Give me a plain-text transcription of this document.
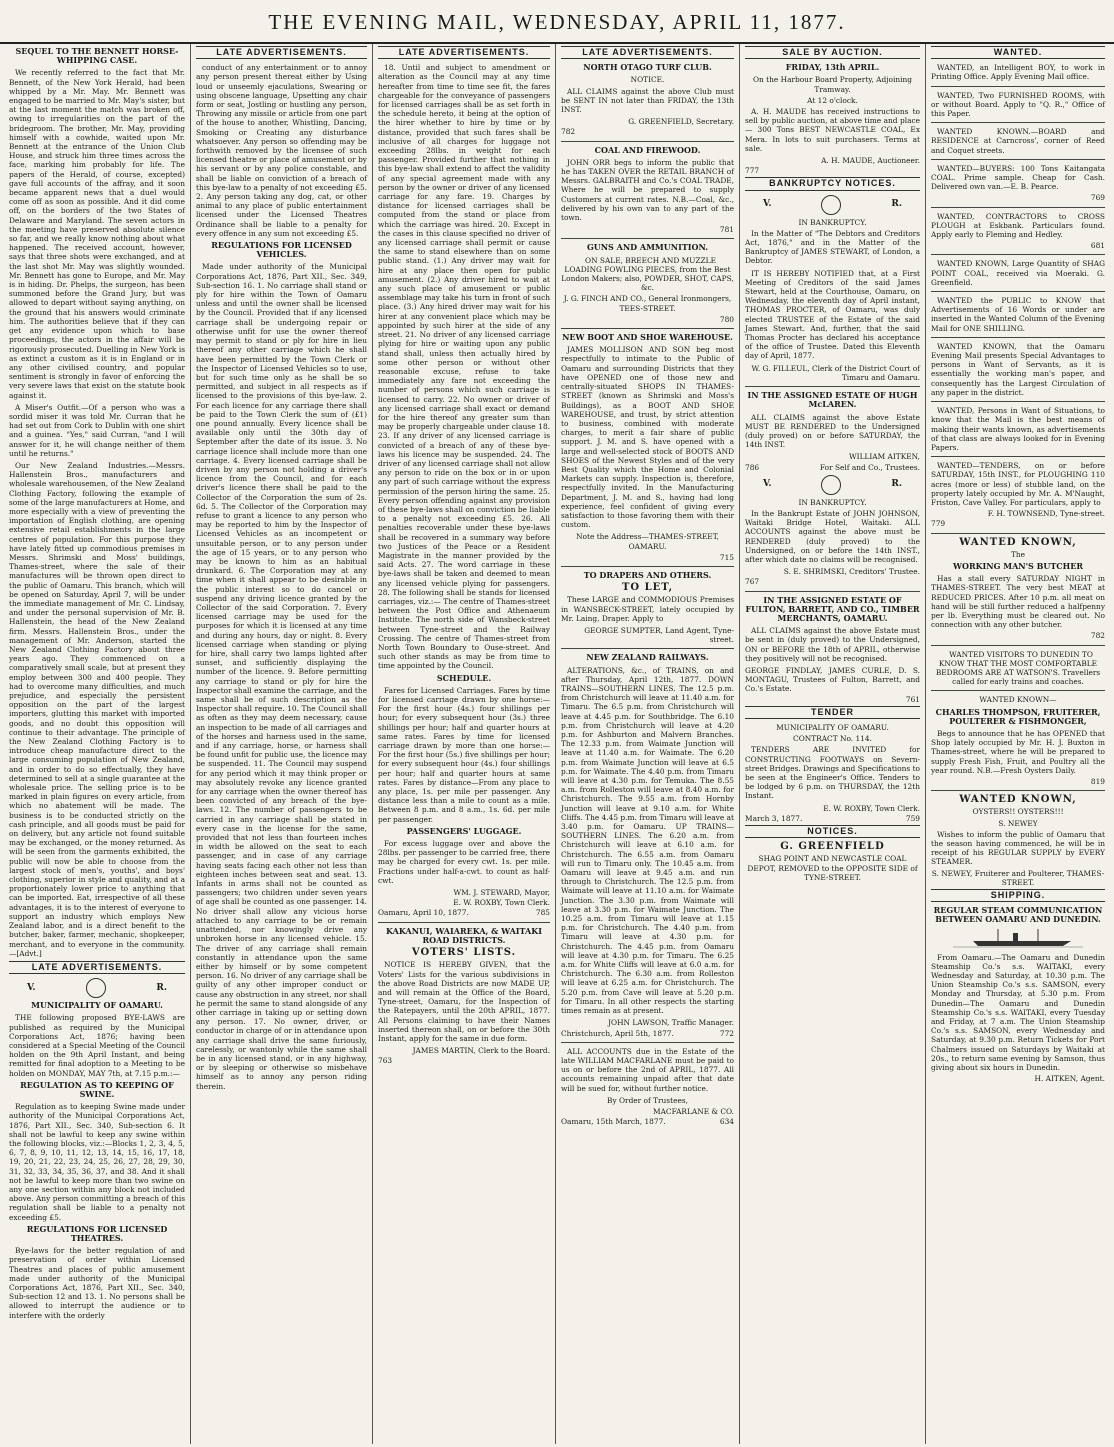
THE EVENING MAIL, WEDNESDAY, APRIL 11, 1877.
SEQUEL TO THE BENNETT HORSE-WHIPPING CASE.

We recently referred to the fact that Mr. Bennett, of the New York Herald, had been whipped by a Mr. May. Mr. Bennett was engaged to be married to Mr. May's sister, but at the last moment the match was broken off, owing to irregularities on the part of the bridegroom. The brother, Mr. May, providing himself with a cowhide, waited upon Mr. Bennett at the entrance of the Union Club House, and struck him three times across the face, marking him probably for life. The papers of the Herald, of course, excepted) gave full accounts of the affray, and it soon became apparent news that a duel would come off as soon as possible. And it did come off, on the borders of the two States of Delaware and Maryland. The seven actors in the meeting have preserved absolute silence so far, and we really know nothing about what happened. The received account, however, says that three shots were exchanged, and at the last shot Mr. May was slightly wounded. Mr. Bennett has gone to Europe, and Mr. May is in hiding. Dr. Phelps, the surgeon, has been summoned before the Grand Jury, but was allowed to depart without saying anything, on the ground that his answers would criminate him. The authorities believe that if they can get any evidence upon which to base proceedings, the actors in the affair will be rigorously prosecuted. Duelling in New York is as extinct a custom as it is in England or in any other civilised country, and popular sentiment is strongly in favor of enforcing the very severe laws that exist on the statute book against it.

A Miser's Outfit.—Of a person who was a sordid miser it was told Mr. Curran that he had set out from Cork to Dublin with one shirt and a guinea. "Yes," said Curran, "and I will answer for it, he will change neither of them until he returns."

Our New Zealand Industries.—Messrs. Hallenstein Bros., manufacturers and wholesale warehousemen, of the New Zealand Clothing Factory, following the example of some of the large manufacturers at Home, and more especially with a view of preventing the importation of English clothing, are opening extensive retail establishments in the large centres of population. For this purpose they have lately fitted up commodious premises in Messrs. Shrimski and Moss' buildings, Thames-street, where the sale of their manufactures will be thrown open direct to the public of Oamaru. This branch, which will be opened on Saturday, April 7, will be under the immediate management of Mr. C. Lindsay, and under the personal supervision of Mr. B. Hallenstein, the head of the New Zealand firm. Messrs. Hallenstein Bros., under the management of Mr. Anderson, started the New Zealand Clothing Factory about three years ago. They commenced on a comparatively small scale, but at present they employ between 300 and 400 people. They had to overcome many difficulties, and much prejudice, and especially the persistent opposition on the part of the largest importers, glutting this market with imported goods, and no doubt this opposition will continue to their advantage. The principle of the New Zealand Clothing Factory is to introduce cheap manufacture direct to the large consuming population of New Zealand, and in order to do so effectually, they have determined to sell at a single guarantee at the wholesale price. The selling price is to be marked in plain figures on every article, from which no abatement will be made. The business is to be conducted strictly on the cash principle, and all goods must be paid for on delivery, but any article not found suitable may be exchanged, or the money returned. As will be seen from the garments exhibited, the public will now be able to choose from the largest stock of men's, youths', and boys' clothing, superior in style and quality, and at a proportionately lower price to anything that can be imported. Eat, irrespective of all these advantages, it is to the interest of everyone to support an industry which employs New Zealand labor, and is a direct benefit to the butcher, baker, farmer, mechanic, shopkeeper, merchant, and to everyone in the community.—[Advt.]

LATE ADVERTISEMENTS.
V.	R.
MUNICIPALITY OF OAMARU.

THE following proposed BYE-LAWS are published as required by the Municipal Corporations Act, 1876; having been considered at a Special Meeting of the Council holden on the 9th April Instant, and being remitted for final adoption to a Meeting to be holden on MONDAY, MAY 7th, at 7.15 p.m.:—

REGULATION AS TO KEEPING OF SWINE.

Regulation as to keeping Swine made under authority of the Municipal Corporations Act, 1876, Part XII., Sec. 340, Sub-section 6. It shall not be lawful to keep any swine within the following blocks, viz.:—Blocks 1, 2, 3, 4, 5, 6, 7, 8, 9, 10, 11, 12, 13, 14, 15, 16, 17, 18, 19, 20, 21, 22, 23, 24, 25, 26, 27, 28, 29, 30, 31, 32, 33, 34, 35, 36, 37, and 38. And it shall not be lawful to keep more than two swine on any one section within any block not included above. Any person committing a breach of this regulation shall be liable to a penalty not exceeding £5.

REGULATIONS FOR LICENSED THEATRES.

Bye-laws for the better regulation of and preservation of order within Licensed Theatres and places of public amusement made under authority of the Municipal Corporations Act, 1876, Part XII., Sec. 340, Sub-section 12 and 13. 1. No persons shall be allowed to interrupt the audience or to interfere with the orderly

LATE ADVERTISEMENTS.

conduct of any entertainment or to annoy any person present thereat either by Using loud or unseemly ejaculations, Swearing or using obscene language, Upsetting any chair form or seat, Jostling or hustling any person, Throwing any missile or article from one part of the house to another, Whistling, Dancing, Smoking or Creating any disturbance whatsoever. Any person so offending may be forthwith removed by the licensee of such licensed theatre or place of amusement or by his servant or by any police constable, and shall be liable on conviction of a breach of this bye-law to a penalty of not exceeding £5. 2. Any person taking any dog, cat, or other animal to any place of public entertainment licensed under the Licensed Theatres Ordinance shall be liable to a penalty for every offence in any sum not exceeding £5.

REGULATIONS FOR LICENSED VEHICLES.

Made under authority of the Municipal Corporations Act, 1876, Part XII., Sec. 349, Sub-section 16. 1. No carriage shall stand or ply for hire within the Town of Oamaru unless and until the owner shall be licensed by the Council. Provided that if any licensed carriage shall be undergoing repair or otherwise unfit for use the owner thereof may permit to stand or ply for hire in lieu thereof any other carriage which he shall have been permitted by the Town Clerk or the Inspector of Licensed Vehicles so to use, but for such time only as he shall be so permitted, and subject in all respects as if licensed to the provisions of this bye-law. 2. For each licence for any carriage there shall be paid to the Town Clerk the sum of (£1) one pound annually. Every licence shall be available only until the 30th day of September after the date of its issue. 3. No carriage licence shall include more than one carriage. 4. Every licensed carriage shall be driven by any person not holding a driver's licence from the Council, and for each driver's licence there shall be paid to the Collector of the Corporation the sum of 2s. 6d. 5. The Collector of the Corporation may refuse to grant a licence to any person who may be reported to him by the Inspector of Licensed Vehicles as an incompetent or unsuitable person, or to any person under the age of 15 years, or to any person who may be known to him as an habitual drunkard. 6. The Corporation may at any time when it shall appear to be desirable in the public interest so to do cancel or suspend any driving licence granted by the Collector of the said Corporation. 7. Every licensed carriage may be used for the purposes for which it is licensed at any time and during any hours, day or night. 8. Every licensed carriage when standing or plying for hire, shall carry two lamps lighted after sunset, and sufficiently displaying the number of the licence. 9. Before permitting any carriage to stand or ply for hire the Inspector shall examine the carriage, and the same shall be of such description as the Inspector shall require. 10. The Council shall as often as they may deem necessary, cause an inspection to be made of all carriages and of the horses and harness used in the same, and if any carriage, horse, or harness shall be found unfit for public use, the licence may be suspended. 11. The Council may suspend for any period which it may think proper or may absolutely revoke any licence granted for any carriage when the owner thereof has been convicted of any breach of the bye-laws. 12. The number of passengers to be carried in any carriage shall be stated in every case in the license for the same, provided that not less than fourteen inches in width be allowed on the seat to each passenger, and in case of any carriage having seats facing each other not less than eighteen inches between seat and seat. 13. Infants in arms shall not be counted as passengers; two children under seven years of age shall be counted as one passenger. 14. No driver shall allow any vicious horse attached to any carriage to be or remain unattended, nor knowingly drive any unbroken horse in any licensed vehicle. 15. The driver of any carriage shall remain constantly in attendance upon the same either by himself or by some competent person. 16. No driver of any carriage shall be guilty of any other improper conduct or cause any obstruction in any street, nor shall he permit the same to stand alongside of any other carriage in taking up or setting down any person. 17. No owner, driver, or conductor in charge of or in attendance upon any carriage shall drive the same furiously, carelessly, or wantonly while the same shall be in any licensed stand, or in any highway, or by sleeping or otherwise so misbehave himself as to annoy any person riding therein.

LATE ADVERTISEMENTS.

18. Until and subject to amendment or alteration as the Council may at any time hereafter from time to time see fit, the fares chargeable for the conveyance of passengers for licensed carriages shall be as set forth in the schedule hereto, it being at the option of the hirer whether to hire by time or by distance, provided that such fares shall be inclusive of all charges for luggage not exceeding 28lbs. in weight for each passenger. Provided further that nothing in this bye-law shall extend to affect the validity of any special agreement made with any person by the owner or driver of any licensed carriage for any fare. 19. Charges by distance for licensed carriages shall be computed from the stand or place from which the carriage was hired. 20. Except in the cases in this clause specified no driver of any licensed carriage shall permit or cause the same to stand elsewhere than on some public stand. (1.) Any driver may wait for hire at any place then open for public amusement. (2.) Any driver hired to wait at any such place of amusement or public assemblage may take his turn in front of such place. (3.) Any hired driver may wait for his hirer at any convenient place which may be appointed by such hirer at the side of any street. 21. No driver of any licensed carriage plying for hire or waiting upon any public stand shall, unless then actually hired by some other person or without other reasonable excuse, refuse to take immediately any fare not exceeding the number of persons which such carriage is licensed to carry. 22. No owner or driver of any licensed carriage shall exact or demand for the hire thereof any greater sum than may be properly chargeable under clause 18. 23. If any driver of any licensed carriage is convicted of a breach of any of these bye-laws his licence may be suspended. 24. The driver of any licensed carriage shall not allow any person to ride on the box or in or upon any part of such carriage without the express permission of the person hiring the same. 25. Every person offending against any provision of these bye-laws shall on conviction be liable to a penalty not exceeding £5. 26. All penalties recoverable under these bye-laws shall be recovered in a summary way before two Justices of the Peace or a Resident Magistrate in the manner provided by the said Acts. 27. The word carriage in these bye-laws shall be taken and deemed to mean any licensed vehicle plying for passengers. 28. The following shall be stands for licensed carriages, viz.:— The centre of Thames-street between the Post Office and Athenaeum Institute. The north side of Wansbeck-street between Tyne-street and the Railway Crossing. The centre of Thames-street from North Town Boundary to Ouse-street. And such other stands as may be from time to time appointed by the Council.

SCHEDULE.

Fares for Licensed Carriages. Fares by time for licensed carriage drawn by one horse:— For the first hour (4s.) four shillings per hour; for every subsequent hour (3s.) three shillings per hour; half and quarter hours at same rates. Fares by time for licensed carriage drawn by more than one horse:— For the first hour (5s.) five shillings per hour; for every subsequent hour (4s.) four shillings per hour; half and quarter hours at same rates. Fares by distance—From any place to any place, 1s. per mile per passenger. Any distance less than a mile to count as a mile. Between 8 p.m. and 8 a.m., 1s. 6d. per mile per passenger.

PASSENGERS' LUGGAGE.

For excess luggage over and above the 28lbs. per passenger to be carried free, there may be charged for every cwt. 1s. per mile. Fractions under half-a-cwt. to count as half-cwt.

WM. J. STEWARD, Mayor,
E. W. ROXBY, Town Clerk.
Oamaru, April 10, 1877.	785
KAKANUI, WAIAREKA, & WAITAKI ROAD DISTRICTS.
VOTERS' LISTS.

NOTICE IS HEREBY GIVEN, that the Voters' Lists for the various subdivisions in the above Road Districts are now MADE UP, and will remain at the Office of the Board, Tyne-street, Oamaru, for the Inspection of the Ratepayers, until the 20th APRIL, 1877. All Persons claiming to have their Names inserted thereon shall, on or before the 30th Instant, apply for the same in due form.

JAMES MARTIN, Clerk to the Board.
763
LATE ADVERTISEMENTS.
NORTH OTAGO TURF CLUB.
NOTICE.

ALL CLAIMS against the above Club must be SENT IN not later than FRIDAY, the 13th INST.

G. GREENFIELD, Secretary.
782
COAL AND FIREWOOD.

JOHN ORR begs to inform the public that he has TAKEN OVER the RETAIL BRANCH of Messrs. GALBRAITH and Co.'s COAL TRADE, Where he will be prepared to supply Customers at current rates. N.B.—Coal, &c., delivered by his own van to any part of the town.

781
GUNS AND AMMUNITION.

ON SALE, BREECH AND MUZZLE LOADING FOWLING PIECES, from the Best London Makers; also, POWDER, SHOT, CAPS, &c.

J. G. FINCH AND CO., General Ironmongers, TEES-STREET.
780
NEW BOOT AND SHOE WAREHOUSE.

JAMES MOLLISON AND SON beg most respectfully to intimate to the Public of Oamaru and surrounding Districts that they have OPENED one of those new and centrally-situated SHOPS IN THAMES-STREET (known as Shrimski and Moss's Buildings), as a BOOT AND SHOE WAREHOUSE, and trust, by strict attention to business, combined with moderate charges, to merit a fair share of public support. J. M. and S. have opened with a large and well-selected stock of BOOTS AND SHOES of the Newest Styles and of the very Best Quality which the Home and Colonial Markets can supply. Inspection is, therefore, respectfully invited. In the Manufacturing Department, J. M. and S., having had long experience, feel confident of giving every satisfaction to those favoring them with their custom.

Note the Address—THAMES-STREET, OAMARU.
715
TO DRAPERS AND OTHERS.
TO LET,

These LARGE and COMMODIOUS Premises in WANSBECK-STREET, lately occupied by Mr. Laing, Draper. Apply to

GEORGE SUMPTER, Land Agent, Tyne-street.
NEW ZEALAND RAILWAYS.

ALTERATIONS, &c., of TRAINS, on and after Thursday, April 12th, 1877. DOWN TRAINS—SOUTHERN LINES. The 12.5 p.m. from Christchurch will leave at 11.40 a.m. for Timaru. The 6.5 p.m. from Christchurch will leave at 4.45 p.m. for Southbridge. The 6.10 p.m. from Christchurch will leave at 4.20 p.m. for Ashburton and Malvern Branches. The 12.33 p.m. from Waimate Junction will leave at 11.40 a.m. for Waimate. The 6.20 p.m. from Waimate Junction will leave at 6.5 p.m. for Waimate. The 4.40 p.m. from Timaru will leave at 4.30 p.m. for Temuka. The 8.55 a.m. from Rolleston will leave at 8.40 a.m. for Christchurch. The 9.55 a.m. from Hornby Junction will leave at 9.10 a.m. for White Cliffs. The 4.45 p.m. from Timaru will leave at 3.40 p.m. for Oamaru. UP TRAINS—SOUTHERN LINES. The 6.20 a.m. from Christchurch will leave at 6.10 a.m. for Christchurch. The 6.55 a.m. from Oamaru will run to Timaru only. The 10.45 a.m. from Oamaru will leave at 9.45 a.m. and run through to Christchurch. The 12.5 p.m. from Waimate will leave at 11.10 a.m. for Waimate Junction. The 3.30 p.m. from Waimate will leave at 3.30 p.m. for Waimate Junction. The 10.25 a.m. from Timaru will leave at 1.15 p.m. for Christchurch. The 4.40 p.m. from Timaru will leave at 4.30 p.m. for Christchurch. The 4.45 p.m. from Oamaru will leave at 4.30 p.m. for Timaru. The 6.25 a.m. for White Cliffs will leave at 6.0 a.m. for Christchurch. The 6.30 a.m. from Rolleston will leave at 6.25 a.m. for Christchurch. The 5.20 p.m. from Cave will leave at 5.20 p.m. for Timaru. In all other respects the starting times remain as at present.

JOHN LAWSON, Traffic Manager.
Christchurch, April 5th, 1877.	772

ALL ACCOUNTS due in the Estate of the late WILLIAM MACFARLANE must be paid to us on or before the 2nd of APRIL, 1877. All accounts remaining unpaid after that date will be sued for, without further notice.

By Order of Trustees,
MACFARLANE & CO.
Oamaru, 15th March, 1877.	634
SALE BY AUCTION.
FRIDAY, 13th APRIL.
On the Harbour Board Property, Adjoining Tramway.
At 12 o'clock.

A. H. MAUDE has received instructions to sell by public auction, at above time and place— 300 Tons BEST NEWCASTLE COAL, Ex Mera. In lots to suit purchasers. Terms at sale.

A. H. MAUDE, Auctioneer.
777
BANKRUPTCY NOTICES.
V.	R.
IN BANKRUPTCY.

In the Matter of "The Debtors and Creditors Act, 1876," and in the Matter of the Bankruptcy of JAMES STEWART, of London, a Debtor.

IT IS HEREBY NOTIFIED that, at a First Meeting of Creditors of the said James Stewart, held at the Courthouse, Oamaru, on Wednesday, the eleventh day of April instant, THOMAS PROCTER, of Oamaru, was duly elected TRUSTEE of the Estate of the said James Stewart. And, further, that the said Thomas Procter has declared his acceptance of the office of Trustee. Dated this Eleventh day of April, 1877.

W. G. FILLEUL, Clerk of the District Court of Timaru and Oamaru.
IN THE ASSIGNED ESTATE OF HUGH McLAREN.

ALL CLAIMS against the above Estate MUST BE RENDERED to the Undersigned (duly proved) on or before SATURDAY, the 14th INST.

WILLIAM AITKEN,
786	For Self and Co., Trustees.
V.	R.
IN BANKRUPTCY.

In the Bankrupt Estate of JOHN JOHNSON, Waitaki Bridge Hotel, Waitaki. ALL ACCOUNTS against the above must be RENDERED (duly proved) to the Undersigned, on or before the 14th INST., after which date no claims will be recognised.

S. E. SHRIMSKI, Creditors' Trustee.
767
IN THE ASSIGNED ESTATE OF FULTON, BARRETT, AND CO., TIMBER MERCHANTS, OAMARU.

ALL CLAIMS against the above Estate must be sent in (duly proved) to the Undersigned, ON or BEFORE the 18th of APRIL, otherwise they positively will not be recognised.

GEORGE FINDLAY, JAMES CURLE, D. S. MONTAGU, Trustees of Fulton, Barrett, and Co.'s Estate.
761
TENDER
MUNICIPALITY OF OAMARU.
CONTRACT No. 114.

TENDERS ARE INVITED for CONSTRUCTING FOOTWAYS on Severn-street Bridges. Drawings and Specifications to be seen at the Engineer's Office. Tenders to be lodged by 6 p.m. on THURSDAY, the 12th Instant.

E. W. ROXBY, Town Clerk.
March 3, 1877.	759
NOTICES.
G. GREENFIELD
SHAG POINT AND NEWCASTLE COAL DEPOT, REMOVED to the OPPOSITE SIDE of TYNE-STREET.
WANTED.

WANTED, an Intelligent BOY, to work in Printing Office. Apply Evening Mail office.

WANTED, Two FURNISHED ROOMS, with or without Board. Apply to "Q. R.," Office of this Paper.

WANTED KNOWN.—BOARD and RESIDENCE at Carncross', corner of Reed and Coquet streets.

WANTED—BUYERS: 100 Tons Kaitangata COAL. Prime sample. Cheap for Cash. Delivered own van.—E. B. Pearce.

769

WANTED, CONTRACTORS to CROSS PLOUGH at Eskbank. Particulars found. Apply early to Fleming and Hedley.

681

WANTED KNOWN, Large Quantity of SHAG POINT COAL, received via Moeraki. G. Greenfield.

WANTED the PUBLIC to KNOW that Advertisements of 16 Words or under are inserted in the Wanted Column of the Evening Mail for ONE SHILLING.

WANTED KNOWN, that the Oamaru Evening Mail presents Special Advantages to persons in Want of Servants, as it is essentially the working man's paper, and consequently has the Largest Circulation of any paper in the district.

WANTED, Persons in Want of Situations, to know that the Mail is the best means of making their wants known, as advertisements of that class are always looked for in Evening Papers.

WANTED—TENDERS, on or before SATURDAY, 15th INST., for PLOUGHING 110 acres (more or less) of stubble land, on the property lately occupied by Mr. A. M'Naught, Friston, Cave Valley. For particulars, apply to

F. H. TOWNSEND, Tyne-street.
779
WANTED KNOWN,
The
WORKING MAN'S BUTCHER

Has a stall every SATURDAY NIGHT in THAMES-STREET. The very best MEAT at REDUCED PRICES. After 10 p.m. all meat on hand will be still further reduced a halfpenny per lb. Everything must be cleared out. No connection with any other butcher.

782

WANTED VISITORS TO DUNEDIN TO KNOW THAT THE MOST COMFORTABLE BEDROOMS ARE AT WATSON'S. Travellers called for early trains and coaches.

WANTED KNOWN—
CHARLES THOMPSON, FRUITERER, POULTERER & FISHMONGER,

Begs to announce that he has OPENED that Shop lately occupied by Mr. H. J. Buxton in Thames-street, where he will be prepared to supply Fresh Fish, Fruit, and Poultry all the year round. N.B.—Fresh Oysters Daily.

819
WANTED KNOWN,
OYSTERS!! OYSTERS!!!
S. NEWEY

Wishes to inform the public of Oamaru that the season having commenced, he will be in receipt of his REGULAR SUPPLY by EVERY STEAMER.

S. NEWEY, Fruiterer and Poulterer, THAMES-STREET.
SHIPPING.
REGULAR STEAM COMMUNICATION BETWEEN OAMARU AND DUNEDIN.

From Oamaru.—The Oamaru and Dunedin Steamship Co.'s s.s. WAITAKI, every Wednesday and Saturday, at 10.30 p.m. The Union Steamship Co.'s s.s. SAMSON, every Monday and Thursday, at 5.30 p.m. From Dunedin—The Oamaru and Dunedin Steamship Co.'s s.s. WAITAKI, every Tuesday and Friday, at 7 a.m. The Union Steamship Co.'s s.s. SAMSON, every Wednesday and Saturday, at 9.30 p.m. Return Tickets for Port Chalmers issued on Saturdays by Waitaki at 20s., to return same evening by Samson, thus giving about six hours in Dunedin.

H. AITKEN, Agent.
